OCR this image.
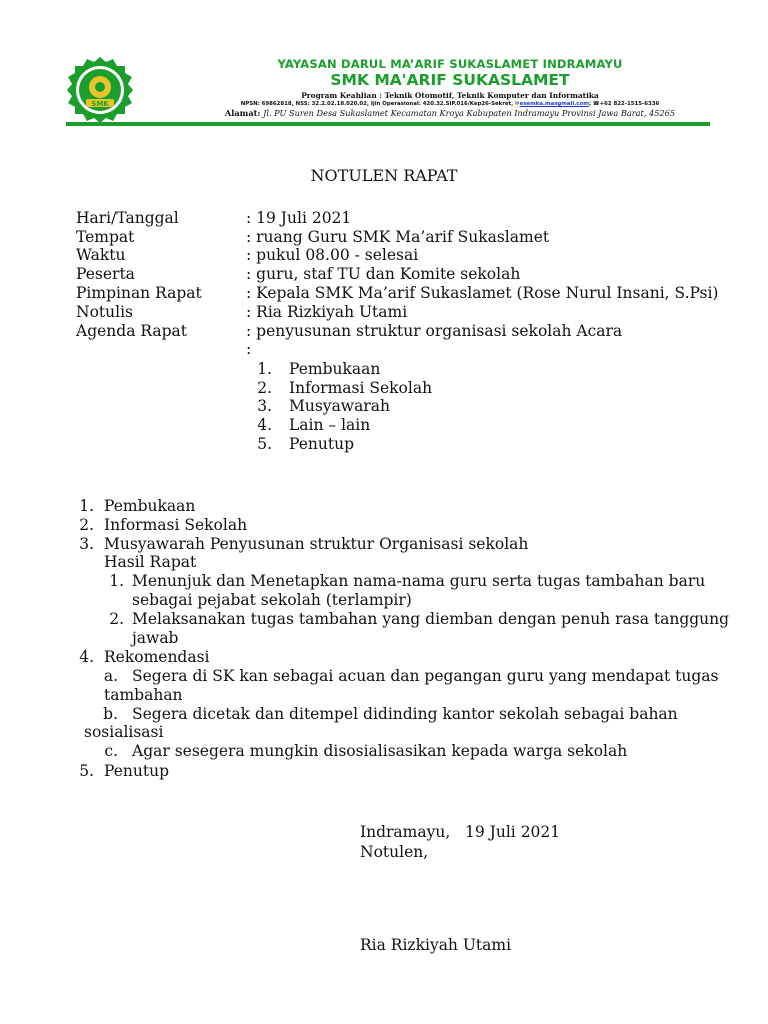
SMK
YAYASAN DARUL MA’ARIF SUKASLAMET INDRAMAYU
SMK MA'ARIF SUKASLAMET
Program Keahlian : Teknik Otomotif, Teknik Komputer dan Informatika
NPSN: 69862818, NSS: 32.2.02.18.020.02, Ijin Operasional: 420.32.SIP.016/Kep26-Sekret, ✉esemka.masgmail.com; ☎+62 822-1515-6336
Alamat: Jl. PU Suren Desa Sukaslamet Kecamatan Kroya Kabupaten Indramayu Provinsi Jawa Barat, 45265
NOTULEN RAPAT
Hari/Tanggal	: 19 Juli 2021
Tempat	: ruang Guru SMK Ma’arif Sukaslamet
Waktu	: pukul 08.00 - selesai
Peserta	: guru, staf TU dan Komite sekolah
Pimpinan Rapat	: Kepala SMK Ma’arif Sukaslamet (Rose Nurul Insani, S.Psi)
Notulis	: Ria Rizkiyah Utami
Agenda Rapat	: penyusunan struktur organisasi sekolah Acara
:
1. Pembukaan
2. Informasi Sekolah
3. Musyawarah
4. Lain – lain
5. Penutup
1. Pembukaan
2. Informasi Sekolah
3. Musyawarah Penyusunan struktur Organisasi sekolah
Hasil Rapat
1. Menunjuk dan Menetapkan nama-nama guru serta tugas tambahan baru
sebagai pejabat sekolah (terlampir)
2. Melaksanakan tugas tambahan yang diemban dengan penuh rasa tanggung
jawab
4. Rekomendasi
a. Segera di SK kan sebagai acuan dan pegangan guru yang mendapat tugas
tambahan
b. Segera dicetak dan ditempel didinding kantor sekolah sebagai bahan
sosialisasi
c. Agar sesegera mungkin disosialisasikan kepada warga sekolah
5. Penutup
Indramayu, 19 Juli 2021
Notulen,
Ria Rizkiyah Utami
